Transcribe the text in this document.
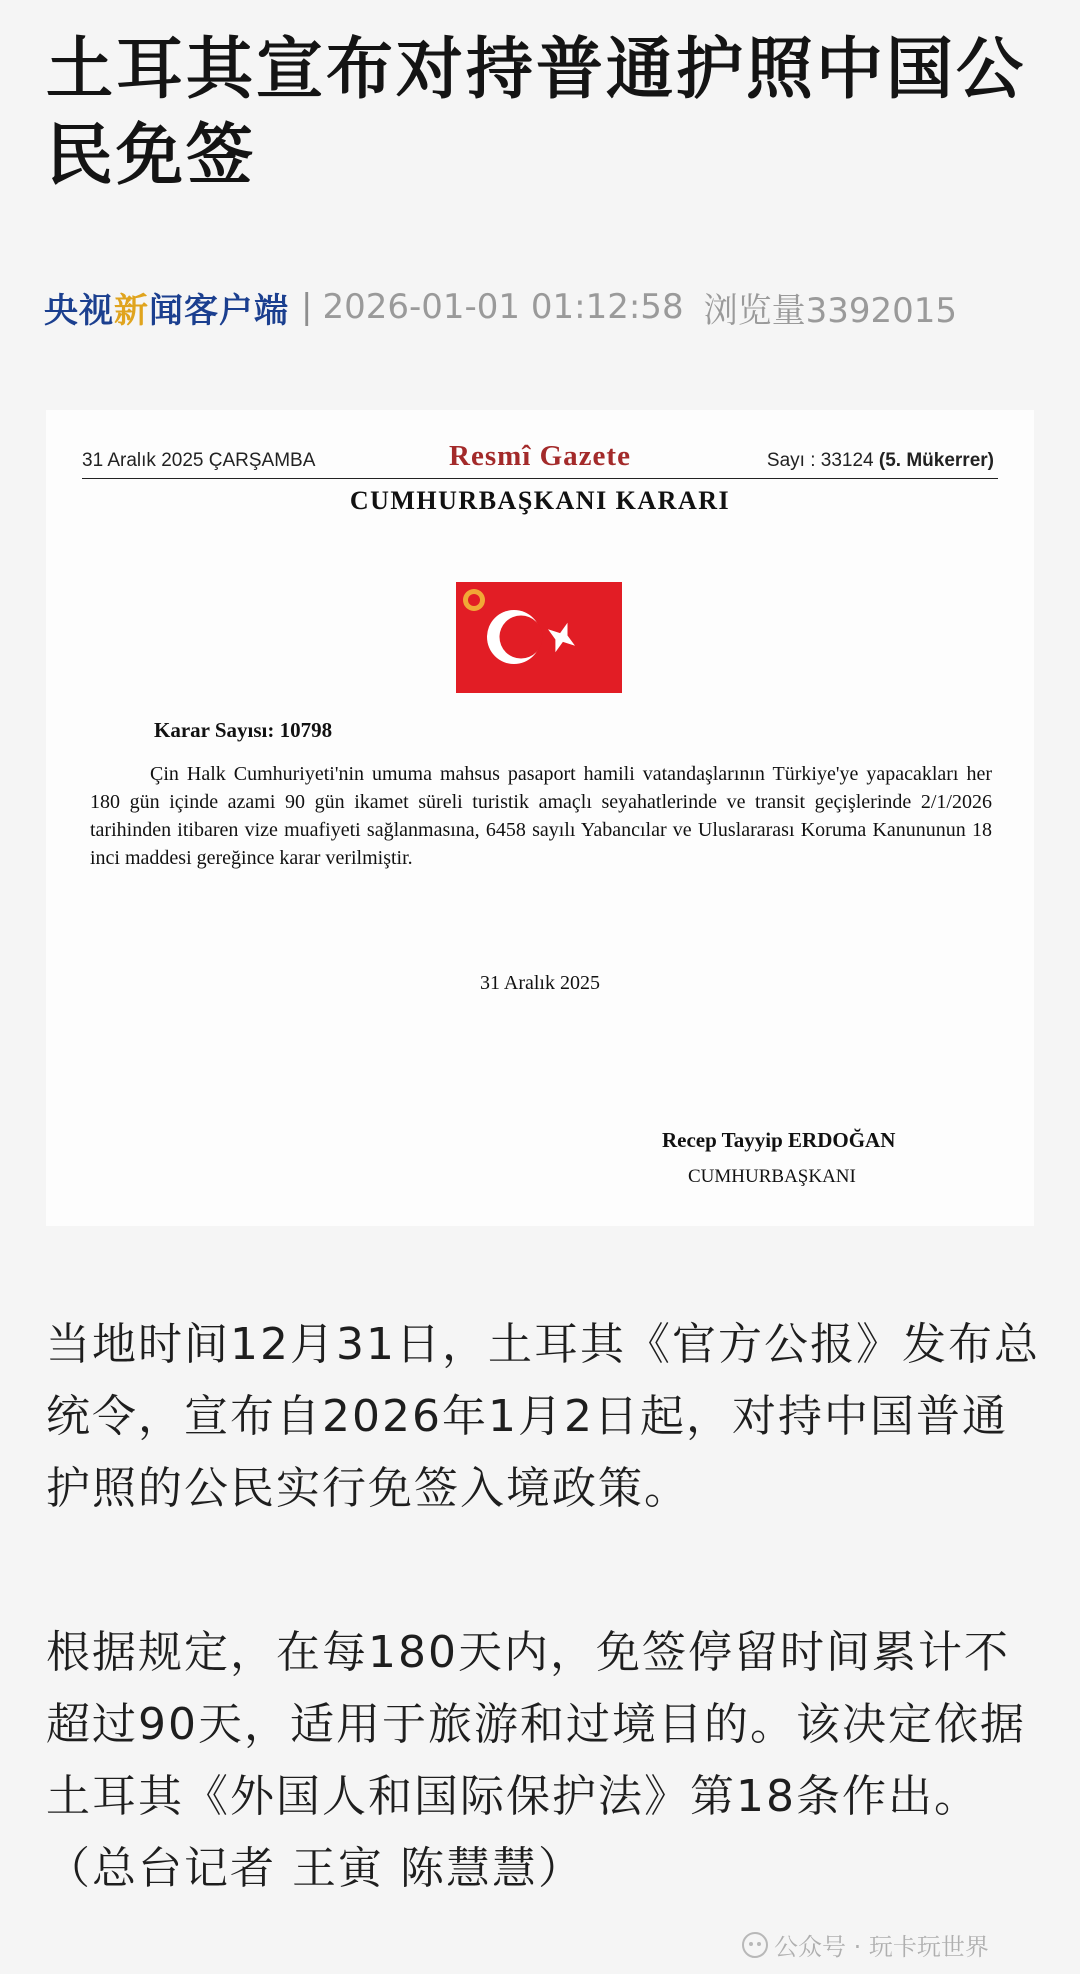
土耳其宣布对持普通护照中国公民免签
央视新闻客户端 | 2026-01-01 01:12:58 浏览量3392015
31 Aralık 2025 ÇARŞAMBA	Resmî Gazete	Sayı : 33124 (5. Mükerrer)
CUMHURBAŞKANI KARARI
Karar Sayısı: 10798
Çin Halk Cumhuriyeti'nin umuma mahsus pasaport hamili vatandaşlarının Türkiye'ye yapacakları her 180 gün içinde azami 90 gün ikamet süreli turistik amaçlı seyahatlerinde ve transit geçişlerinde 2/1/2026 tarihinden itibaren vize muafiyeti sağlanmasına, 6458 sayılı Yabancılar ve Uluslararası Koruma Kanununun 18 inci maddesi gereğince karar verilmiştir.
31 Aralık 2025
Recep Tayyip ERDOĞAN
CUMHURBAŞKANI
当地时间12月31日，土耳其《官方公报》发布总统令，宣布自2026年1月2日起，对持中国普通护照的公民实行免签入境政策。
根据规定，在每180天内，免签停留时间累计不超过90天，适用于旅游和过境目的。该决定依据土耳其《外国人和国际保护法》第18条作出。（总台记者 王寅 陈慧慧）
公众号 · 玩卡玩世界
